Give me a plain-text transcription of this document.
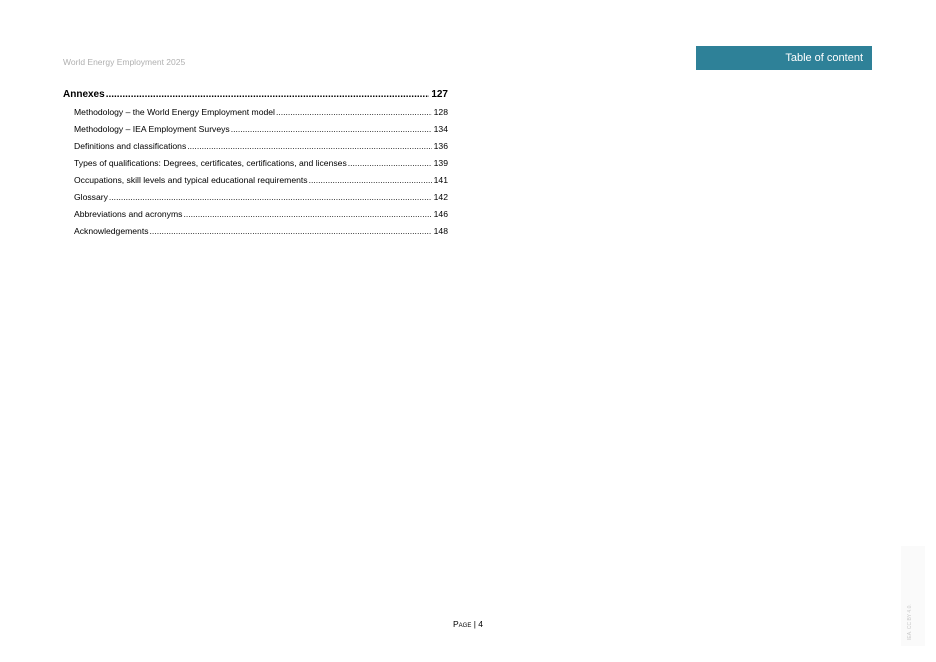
World Energy Employment 2025	Table of content
Annexes .....	127
Methodology – the World Energy Employment model .....	128
Methodology – IEA Employment Surveys .....	134
Definitions and classifications .....	136
Types of qualifications: Degrees, certificates, certifications, and licenses .....	139
Occupations, skill levels and typical educational requirements .....	141
Glossary .....	142
Abbreviations and acronyms .....	146
Acknowledgements .....	148
Page | 4	IEA. CC BY 4.0.
